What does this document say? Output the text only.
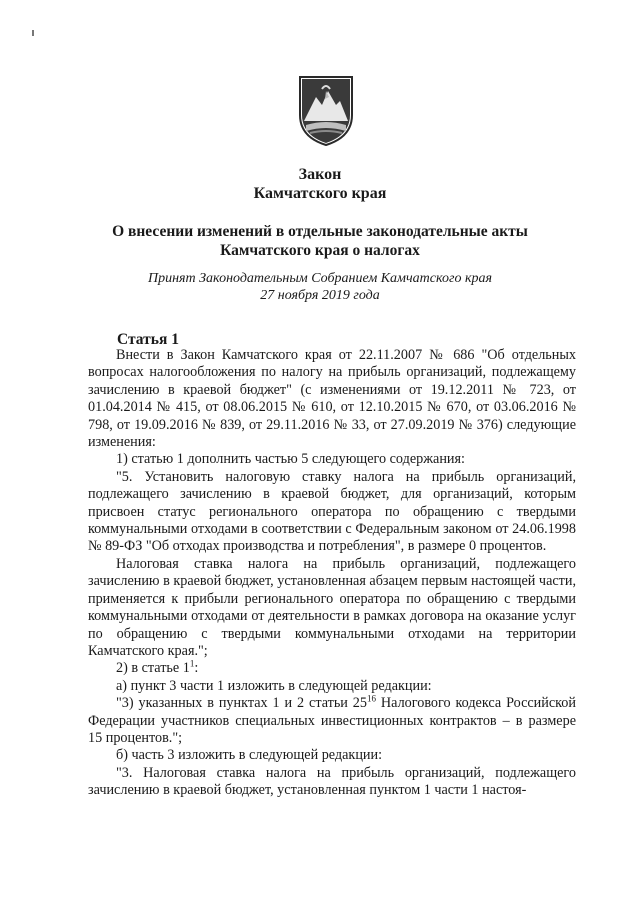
Закон
Камчатского края
О внесении изменений в отдельные законодательные акты
Камчатского края о налогах
Принят Законодательным Собранием Камчатского края
27 ноября 2019 года
Статья 1

Внести в Закон Камчатского края от 22.11.2007 № 686 "Об отдельных вопросах налогообложения по налогу на прибыль организаций, подлежащему зачислению в краевой бюджет" (с изменениями от 19.12.2011 № 723, от 01.04.2014 № 415, от 08.06.2015 № 610, от 12.10.2015 № 670, от 03.06.2016 № 798, от 19.09.2016 № 839, от 29.11.2016 № 33, от 27.09.2019 № 376) следующие изменения:

1) статью 1 дополнить частью 5 следующего содержания:

"5. Установить налоговую ставку налога на прибыль организаций, подлежащего зачислению в краевой бюджет, для организаций, которым присвоен статус регионального оператора по обращению с твердыми коммунальными отходами в соответствии с Федеральным законом от 24.06.1998 № 89-ФЗ "Об отходах производства и потребления", в размере 0 процентов.

Налоговая ставка налога на прибыль организаций, подлежащего зачислению в краевой бюджет, установленная абзацем первым настоящей части, применяется к прибыли регионального оператора по обращению с твердыми коммунальными отходами от деятельности в рамках договора на оказание услуг по обращению с твердыми коммунальными отходами на территории Камчатского края.";

2) в статье $1^1$:

а) пункт 3 части 1 изложить в следующей редакции:

"3) указанных в пунктах 1 и 2 статьи $25^{16}$ Налогового кодекса Российской Федерации участников специальных инвестиционных контрактов – в размере 15 процентов.";

б) часть 3 изложить в следующей редакции:

"3. Налоговая ставка налога на прибыль организаций, подлежащего зачислению в краевой бюджет, установленная пунктом 1 части 1 настоя-
